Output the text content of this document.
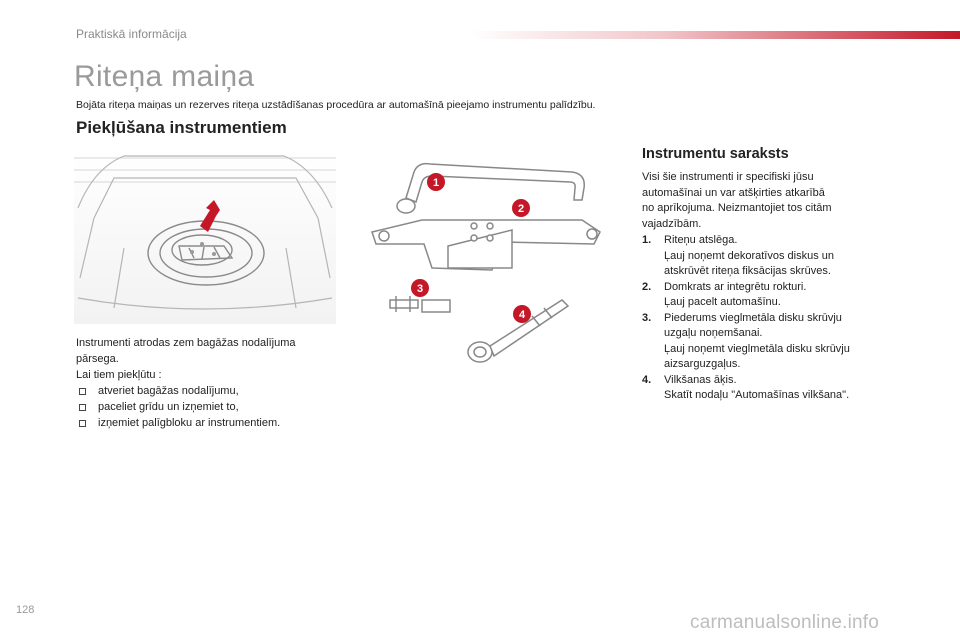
Praktiskā informācija
Riteņa maiņa
Bojāta riteņa maiņas un rezerves riteņa uzstādīšanas procedūra ar automašīnā pieejamo instrumentu palīdzību.
Piekļūšana instrumentiem
1
2
3
4
Instrumenti atrodas zem bagāžas nodalījuma
pārsega.
Lai tiem piekļūtu :
atveriet bagāžas nodalījumu,
paceliet grīdu un izņemiet to,
izņemiet palīgbloku ar instrumentiem.
Instrumentu saraksts
Visi šie instrumenti ir specifiski jūsu
automašīnai un var atšķirties atkarībā
no aprīkojuma. Neizmantojiet tos citām
vajadzībām.
1. Riteņu atslēga.
Ļauj noņemt dekoratīvos diskus un
atskrūvēt riteņa fiksācijas skrūves.
2. Domkrats ar integrētu rokturi.
Ļauj pacelt automašīnu.
3. Piederums vieglmetāla disku skrūvju
uzgaļu noņemšanai.
Ļauj noņemt vieglmetāla disku skrūvju
aizsarguzgaļus.
4. Vilkšanas āķis.
Skatīt nodaļu "Automašīnas vilkšana".
128
carmanualsonline.info
